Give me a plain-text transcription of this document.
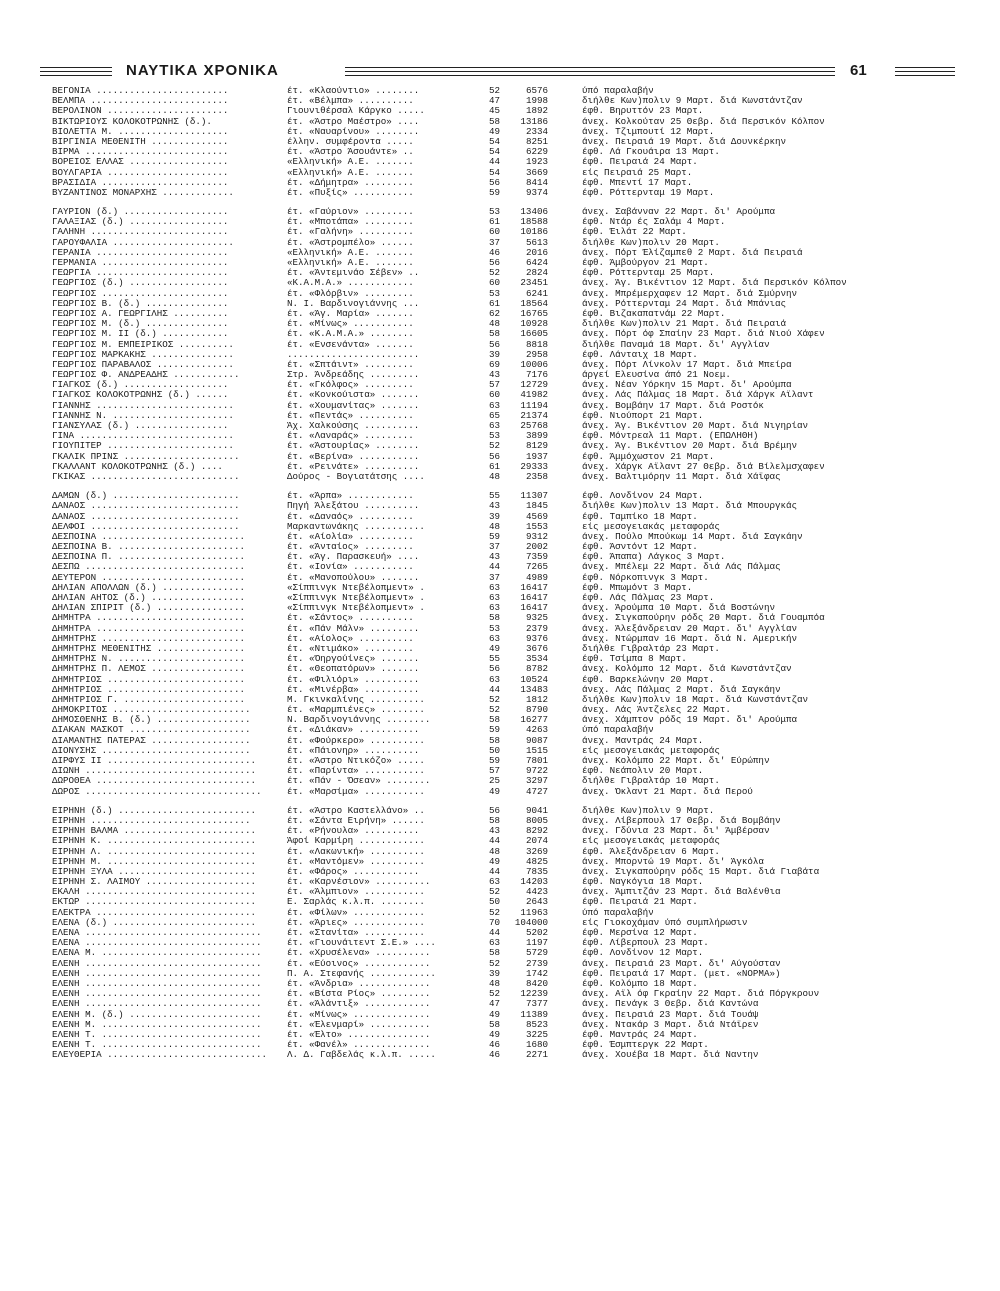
ΝΑΥΤΙΚΑ ΧΡΟΝΙΚΑ	61
ΒΕΓΟΝΙΑ ........................	έτ. «Κλαούντιο» ........	52	6576	ύπό παραλαβήν
ΒΕΛΜΠΑ .........................	έτ. «Βέλμπα» ..........	47	1998	διήλθε Κων)πολιν 9 Μαρτ. διά Κωνστάντζαν
ΒΕΡΟΛΙΝΟΝ ......................	Γιουνιθέρσαλ Κάργκο .....	45	1892	έφθ. Βηρυττόν 23 Μαρτ.
ΒΙΚΤΩΡΙΟΥΣ ΚΟΛΟΚΟΤΡΩΝΗΣ (δ.).	έτ. «Άστρο Μαέστρο» ....	58	13186	άνεχ. Κολκούταν 25 Θεβρ. διά Περσικόν Κόλπον
ΒΙΟΛΕΤΤΑ Μ. ....................	έτ. «Ναυαρίνου» ........	49	2334	άνεχ. Τζιμπουτί 12 Μαρτ.
ΒΙΡΓΙΝΙΑ ΜΕΘΕΝΙΤΗ ..............	έλλην. συμφέροντα .....	54	8251	άνεχ. Πειραιά 19 Μαρτ. διά Δουνκέρκην
ΒΙΡΜΑ ..........................	έτ. «Άστρο Άσουάντε» ..	54	6229	έφθ. Λά Γκουάιρα 13 Μαρτ.
ΒΟΡΕΙΟΣ ΕΛΛΑΣ ..................	«Ελληνική» Α.Ε. .......	44	1923	έφθ. Πειραιά 24 Μαρτ.
ΒΟΥΛΓΑΡΙΑ ......................	«Ελληνική» Α.Ε. .......	54	3669	είς Πειραιά 25 Μαρτ.
ΒΡΑΣΙΔΙΑ .......................	έτ. «Δήμητρα» .........	56	8414	έφθ. Μπεντί 17 Μαρτ.
ΒΥΖΑΝΤΙΝΟΣ ΜΟΝΑΡΧΗΣ .............	έτ. «Πυξίς» ...........	59	9374	έφθ. Ρόττερνταμ 19 Μαρτ.
ΓΑΥΡΙΟΝ (δ.) ...................	έτ. «Γαύριον» .........	53	13406	άνεχ. Σαβάνναν 22 Μαρτ. δι' Αρούμπα
ΓΑΛΑΞΙΑΣ (δ.) ..................	έτ. «Μποτάπα» .........	61	18588	έφθ. Ντάρ ές Σαλάμ 4 Μαρτ.
ΓΑΛΗΝΗ .........................	έτ. «Γαλήνη» ..........	60	10186	έφθ. Έιλάτ 22 Μαρτ.
ΓΑΡΟΥΦΑΛΙΑ ......................	έτ. «Άστρομπέλο» ......	37	5613	διήλθε Κων)πολιν 20 Μαρτ.
ΓΕΡΑΝΙΑ ........................	«Ελληνική» Α.Ε. .......	46	2016	άνεχ. Πόρτ Έλίζαμπεθ 2 Μαρτ. διά Πειραιά
ΓΕΡΜΑΝΙΑ .......................	«Ελληνική» Α.Ε. .......	56	6424	έφθ. Άμβούργον 21 Μαρτ.
ΓΕΩΡΓΙΑ ........................	έτ. «Άντεμινάο Σέβεν» ..	52	2824	έφθ. Ρόττερνταμ 25 Μαρτ.
ΓΕΩΡΓΙΟΣ (δ.) ..................	«Κ.Α.Μ.Α.» ............	60	23451	άνεχ. Άγ. Βικέντιον 12 Μαρτ. διά Περσικόν Κόλπον
ΓΕΩΡΓΙΟΣ .......................	έτ. «Φλόρβιν» .........	53	6241	άνεχ. Μπρέμερχαφεν 12 Μαρτ. διά Σμύρνην
ΓΕΩΡΓΙΟΣ Β. (δ.) ...............	Ν. Ι. Βαρδινογιάννης ...	61	18564	άνεχ. Ρόττερνταμ 24 Μαρτ. διά Μπάνιας
ΓΕΩΡΓΙΟΣ Α. ΓΕΩΡΓΙΛΗΣ ..........	έτ. «Άγ. Μαρία» .......	62	16765	έφθ. Βιζακαπατνάμ 22 Μαρτ.
ΓΕΩΡΓΙΟΣ Μ. (δ.) ...............	έτ. «Μίνως» ...........	48	10928	διήλθε Κων)πολιν 21 Μαρτ. διά Πειραιά
ΓΕΩΡΓΙΟΣ Μ. ΙΙ (δ.) ............	έτ. «Κ.Α.Μ.Α.» ........	58	16605	άνεχ. Πόρτ όφ Σπαίην 23 Μαρτ. διά Νιού Χάφεν
ΓΕΩΡΓΙΟΣ Μ. ΕΜΠΕΙΡΙΚΟΣ ..........	έτ. «Ενσενάντα» .......	56	8818	διήλθε Παναμά 18 Μαρτ. δι' Αγγλίαν
ΓΕΩΡΓΙΟΣ ΜΑΡΚΑΚΗΣ ...............	........................	39	2958	έφθ. Λάνταιχ 18 Μαρτ.
ΓΕΩΡΓΙΟΣ ΠΑΡΑΒΑΛΟΣ ..............	έτ. «Σπτάιντ» .........	69	10006	άνεχ. Πόρτ Λίνκολν 17 Μαρτ. διά Μπείρα
ΓΕΩΡΓΙΟΣ Φ. ΑΝΔΡΕΑΔΗΣ ............	Στρ. Άνδρεάδης .........	43	7176	άργεί Ελευσίνα άπό 21 Νοεμ.
ΓΙΑΓΚΟΣ (δ.) ...................	έτ. «Γκόλφος» .........	57	12729	άνεχ. Νέαν Υόρκην 15 Μαρτ. δι' Αρούμπα
ΓΙΑΓΚΟΣ ΚΟΛΟΚΟΤΡΩΝΗΣ (δ.) ......	έτ. «Κονκούιστα» .......	60	41982	άνεχ. Λάς Πάλμας 18 Μαρτ. διά Χάργκ Αϊλαντ
ΓΙΑΝΝΗΣ .........................	έτ. «Χουμανίτας» .......	63	11194	άνεχ. Βομβάην 17 Μαρτ. διά Ροστόκ
ΓΙΑΝΝΗΣ Ν. ......................	έτ. «Πεντάς» ..........	65	21374	έφθ. Νιούπορτ 21 Μαρτ.
ΓΙΑΝΣΥΛΑΣ (δ.) .................	Άχ. Χαλκούσης ..........	63	25768	άνεχ. Άγ. Βικέντιον 20 Μαρτ. διά Νιγηρίαν
ΓΙΝΑ ............................	έτ. «Λαναράς» .........	53	3899	έφθ. Μόντρεαλ 11 Μαρτ. (ΕΠΩΛΗΘΗ)
ΓΙΟΥΠΙΤΕΡ .......................	έτ. «Άστουρίας» ........	52	8129	άνεχ. Άγ. Βικέντιον 20 Μαρτ. διά Βρέμην
ΓΚΑΛΙΚ ΠΡΙΝΣ .....................	έτ. «Βερίνα» ...........	56	1937	έφθ. Άμμόχωστον 21 Μαρτ.
ΓΚΑΛΛΑΝΤ ΚΟΛΟΚΟΤΡΩΝΗΣ (δ.) ....	έτ. «Ρεινάτε» ..........	61	29333	άνεχ. Χάργκ Αϊλαντ 27 Θεβρ. διά Βίλελμσχαφεν
ΓΚΙΚΑΣ ...........................	Δούρος - Βογιατάτσης ....	48	2358	άνεχ. Βαλτιμόρην 11 Μαρτ. διά Χάϊφας
ΔΑΜΩΝ (δ.) .......................	έτ. «Άρπα» ............	55	11307	έφθ. Λονδίνον 24 Μαρτ.
ΔΑΝΑΟΣ ...........................	Πηγή Άλεξάτου ..........	43	1845	διήλθε Κων)πολιν 13 Μαρτ. διά Μπουργκάς
ΔΑΝΑΟΣ ...........................	έτ. «Δαναός» ..........	39	4569	έφθ. Ταμπίκο 18 Μαρτ.
ΔΕΛΦΟΙ ...........................	Μαρκαντωνάκης ...........	48	1553	είς μεσογειακάς μεταφοράς
ΔΕΣΠΟΙΝΑ ..........................	έτ. «Αίολία» ..........	59	9312	άνεχ. Πούλο Μπούκωμ 14 Μαρτ. διά Σαγκάην
ΔΕΣΠΟΙΝΑ Β. .......................	έτ. «Άνταίος» .........	37	2002	έφθ. Άσντόντ 12 Μαρτ.
ΔΕΣΠΟΙΝΑ Π. .......................	έτ. «Άγ. Παρασκευή» ....	43	7359	έφθ. Άπαπα) Λάγκος 3 Μαρτ.
ΔΕΣΠΩ .............................	έτ. «Ιονία» ...........	44	7265	άνεχ. Μπέλεμ 22 Μαρτ. διά Λάς Πάλμας
ΔΕΥΤΕΡΟΝ ..........................	έτ. «Μανοπούλου» .......	37	4989	έφθ. Νόρκοπινγκ 3 Μαρτ.
ΔΗΛΙΑΝ ΑΠΟΛΛΩΝ (δ.) ...............	«Σίππινγκ Ντεβέλοπμεντ» .	63	16417	έφθ. Μπωμόντ 3 Μαρτ.
ΔΗΛΙΑΝ ΑΗΤΟΣ (δ.) .................	«Σίππινγκ Ντεβέλοπμεντ» .	63	16417	έφθ. Λάς Πάλμας 23 Μαρτ.
ΔΗΛΙΑΝ ΣΠΙΡΙΤ (δ.) ................	«Σίππινγκ Ντεβέλοπμεντ» .	63	16417	άνεχ. Άρούμπα 10 Μαρτ. διά Βοστώνην
ΔΗΜΗΤΡΑ ...........................	έτ. «Σάντος» ..........	58	9325	άνεχ. Σιγκαπούρην ρόδς 20 Μαρτ. διά Γουαμπόα
ΔΗΜΗΤΡΑ ...........................	έτ. «Πάν Μάλν» .........	53	2379	άνεχ. Άλεξάνδρειαν 20 Μαρτ. δι' Αγγλίαν
ΔΗΜΗΤΡΗΣ ..........................	έτ. «Αίολος» ..........	63	9376	άνεχ. Ντώρμπαν 16 Μαρτ. διά Ν. Αμερικήν
ΔΗΜΗΤΡΗΣ ΜΕΘΕΝΙΤΗΣ ................	έτ. «Ντιμάκο» .........	49	3676	διήλθε Γιβραλτάρ 23 Μαρτ.
ΔΗΜΗΤΡΗΣ Ν. .......................	έτ. «Όηργούίνες» .......	55	3534	έφθ. Τσίμπα 8 Μαρτ.
ΔΗΜΗΤΡΗΣ Π. ΛΕΜΟΣ .................	έτ. «Θεοπατόρων» .......	56	8782	άνεχ. Κολόμπο 12 Μαρτ. διά Κωνστάντζαν
ΔΗΜΗΤΡΙΟΣ .........................	έτ. «Φιλιόρι» ..........	63	10524	έφθ. Βαρκελώνην 20 Μαρτ.
ΔΗΜΗΤΡΙΟΣ .........................	έτ. «Μινέρβα» ..........	44	13483	άνεχ. Λάς Πάλμας 2 Μαρτ. διά Σαγκάην
ΔΗΜΗΤΡΙΟΣ Γ. ......................	Μ. Γκινκαλίνης ..........	52	1812	διήλθε Κων)πολιν 18 Μαρτ. διά Κωνστάντζαν
ΔΗΜΟΚΡΙΤΟΣ .........................	έτ. «Μαρμπιένες» ........	52	8790	άνεχ. Λάς Άντζελες 22 Μαρτ.
ΔΗΜΟΣΘΕΝΗΣ Β. (δ.) .................	Ν. Βαρδινογιάννης ........	58	16277	άνεχ. Χάμπτον ρόδς 19 Μαρτ. δι' Αρούμπα
ΔΙΑΚΑΝ ΜΑΣΚΟΤ ......................	έτ. «Διάκαν» ...........	59	4263	ύπό παραλαβήν
ΔΙΑΜΑΝΤΗΣ ΠΑΤΕΡΑΣ ..................	έτ. «Φούρκερο» ..........	58	9087	άνεχ. Μαντράς 24 Μαρτ.
ΔΙΟΝΥΣΗΣ ...........................	έτ. «Πάιονηρ» ..........	50	1515	είς μεσογειακάς μεταφοράς
ΔΙΡΦΥΣ ΙΙ ...........................	έτ. «Άστρο Ντικόζο» .....	59	7801	άνεχ. Κολόμπο 22 Μαρτ. δι' Εύρώπην
ΔΙΩΝΗ ...............................	έτ. «Παρίντα» ...........	57	9722	έφθ. Νεάπολιν 20 Μαρτ.
ΔΩΡΟΘΕΑ .............................	έτ. «Πάν - Όσεαν» ........	25	3297	διήλθε Γιβραλτάρ 10 Μαρτ.
ΔΩΡΟΣ ................................	έτ. «Μαρσίμα» ...........	49	4727	άνεχ. Όκλαντ 21 Μαρτ. διά Περού
ΕΙΡΗΝΗ (δ.) .........................	έτ. «Άστρο Καστελλάνο» ..	56	9041	διήλθε Κων)πολιν 9 Μαρτ.
ΕΙΡΗΝΗ .............................	έτ. «Σάντα Ειρήνη» ......	58	8005	άνεχ. Λίβερπουλ 17 Θεβρ. διά Βομβάην
ΕΙΡΗΝΗ ΒΑΛΜΑ ........................	έτ. «Ρήνουλα» ..........	43	8292	άνεχ. Γδύνια 23 Μαρτ. δι' Άμβέρσαν
ΕΙΡΗΝΗ Κ. ...........................	Άφοί Καρμίρη ............	44	2074	είς μεσογειακάς μεταφοράς
ΕΙΡΗΝΗ Λ. ...........................	έτ. «Λακωνική» ..........	48	3269	έφθ. Άλεξάνδρειαν 6 Μαρτ.
ΕΙΡΗΝΗ Μ. ...........................	έτ. «Μαντόμεν» ..........	49	4825	άνεχ. Μπορντώ 19 Μαρτ. δι' Άγκόλα
ΕΙΡΗΝΗ ΞΥΛΑ .........................	έτ. «Φάρος» ............	44	7835	άνεχ. Σιγκαπούρην ρόδς 15 Μαρτ. διά Γιαβάτα
ΕΙΡΗΝΗ Σ. ΛΑΙΜΟΥ ....................	έτ. «Καρνέσιον» ..........	63	14203	έφθ. Ναγκόγια 18 Μαρτ.
ΕΚΑΛΗ ...............................	έτ. «Άλμπιον» ...........	52	4423	άνεχ. Άμπιτζάν 23 Μαρτ. διά Βαλένθια
ΕΚΤΩΡ ...............................	Ε. Σαρλάς κ.λ.π. ........	50	2643	έφθ. Πειραιά 21 Μαρτ.
ΕΛΕΚΤΡΑ .............................	έτ. «Φίλων» .............	52	11963	ύπό παραλαβήν
ΕΛΕΝΑ (δ.) ..........................	έτ. «Άριες» .............	70	104000	είς Γιοκοχάμαν ύπό συμπλήρωσιν
ΕΛΕΝΑ ................................	έτ. «Στανίτα» ...........	44	5202	έφθ. Μερσίνα 12 Μαρτ.
ΕΛΕΝΑ ................................	έτ. «Γιουνάιτεντ Σ.Ε.» ....	63	1197	έφθ. Λίβερπουλ 23 Μαρτ.
ΕΛΕΝΑ Μ. .............................	έτ. «Χρυσέλενα» ..........	58	5729	έφθ. Λονδίνον 12 Μαρτ.
ΕΛΕΝΗ ................................	έτ. «Εύοινος» ............	52	2739	άνεχ. Πειραιά 23 Μαρτ. δι' Αύγούσταν
ΕΛΕΝΗ ................................	Π. Α. Στεφανής ............	39	1742	έφθ. Πειραιά 17 Μαρτ. (μετ. «ΝΟΡΜΑ»)
ΕΛΕΝΗ ................................	έτ. «Άνδρια» .............	48	8420	έφθ. Κολόμπο 18 Μαρτ.
ΕΛΕΝΗ ................................	έτ. «Βίστα Ρίος» .........	52	12239	άνεχ. Αϊλ όφ Γκραίην 22 Μαρτ. διά Πόργκρουν
ΕΛΕΝΗ ................................	έτ. «Άλάντιξ» ............	47	7377	άνεχ. Πενάγκ 3 Θεβρ. διά Καντώνα
ΕΛΕΝΗ Μ. (δ.) ........................	έτ. «Μίνως» ..............	49	11389	άνεχ. Πειραιά 23 Μαρτ. διά Τουάψ
ΕΛΕΝΗ Μ. .............................	έτ. «Έλενμαρί» ...........	58	8523	άνεχ. Ντακάρ 3 Μαρτ. διά Ντάϊρεν
ΕΛΕΝΗ Τ. .............................	έτ. «Έλτο» ...............	49	3225	έφθ. Μαντράς 24 Μαρτ.
ΕΛΕΝΗ Τ. .............................	έτ. «Φανέλ» ..............	46	1680	έφθ. Έσμπτεργκ 22 Μαρτ.
ΕΛΕΥΘΕΡΙΑ .............................	Λ. Δ. Γαβδελάς κ.λ.π. .....	46	2271	άνεχ. Χουέβα 18 Μαρτ. διά Ναντην
